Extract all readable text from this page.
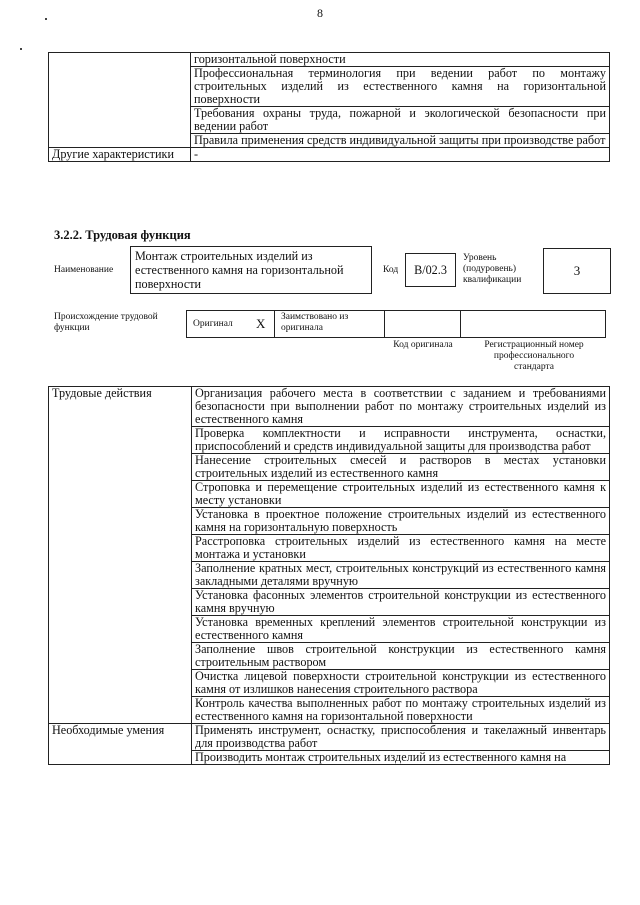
8
	горизонтальной поверхности
	Профессиональная терминология при ведении работ по монтажу строительных изделий из естественного камня на горизонтальной поверхности
	Требования охраны труда, пожарной и экологической безопасности при ведении работ
	Правила применения средств индивидуальной защиты при производстве работ
Другие характеристики	-
3.2.2. Трудовая функция
Наименование
Монтаж строительных изделий из естественного камня на горизонтальной поверхности
Код	B/02.3
Уровень (подуровень) квалификации
3
Происхождение трудовой функции	Оригинал X Заимствовано из оригинала
Код оригинала	Регистрационный номер профессионального стандарта
Трудовые действия	Организация рабочего места в соответствии с заданием и требованиями безопасности при выполнении работ по монтажу строительных изделий из естественного камня
	Проверка комплектности и исправности инструмента, оснастки, приспособлений и средств индивидуальной защиты для производства работ
	Нанесение строительных смесей и растворов в местах установки строительных изделий из естественного камня
	Строповка и перемещение строительных изделий из естественного камня к месту установки
	Установка в проектное положение строительных изделий из естественного камня на горизонтальную поверхность
	Расстроповка строительных изделий из естественного камня на месте монтажа и установки
	Заполнение кратных мест, строительных конструкций из естественного камня закладными деталями вручную
	Установка фасонных элементов строительной конструкции из естественного камня вручную
	Установка временных креплений элементов строительной конструкции из естественного камня
	Заполнение швов строительной конструкции из естественного камня строительным раствором
	Очистка лицевой поверхности строительной конструкции из естественного камня от излишков нанесения строительного раствора
	Контроль качества выполненных работ по монтажу строительных изделий из естественного камня на горизонтальной поверхности
Необходимые умения	Применять инструмент, оснастку, приспособления и такелажный инвентарь для производства работ
	Производить монтаж строительных изделий из естественного камня на
